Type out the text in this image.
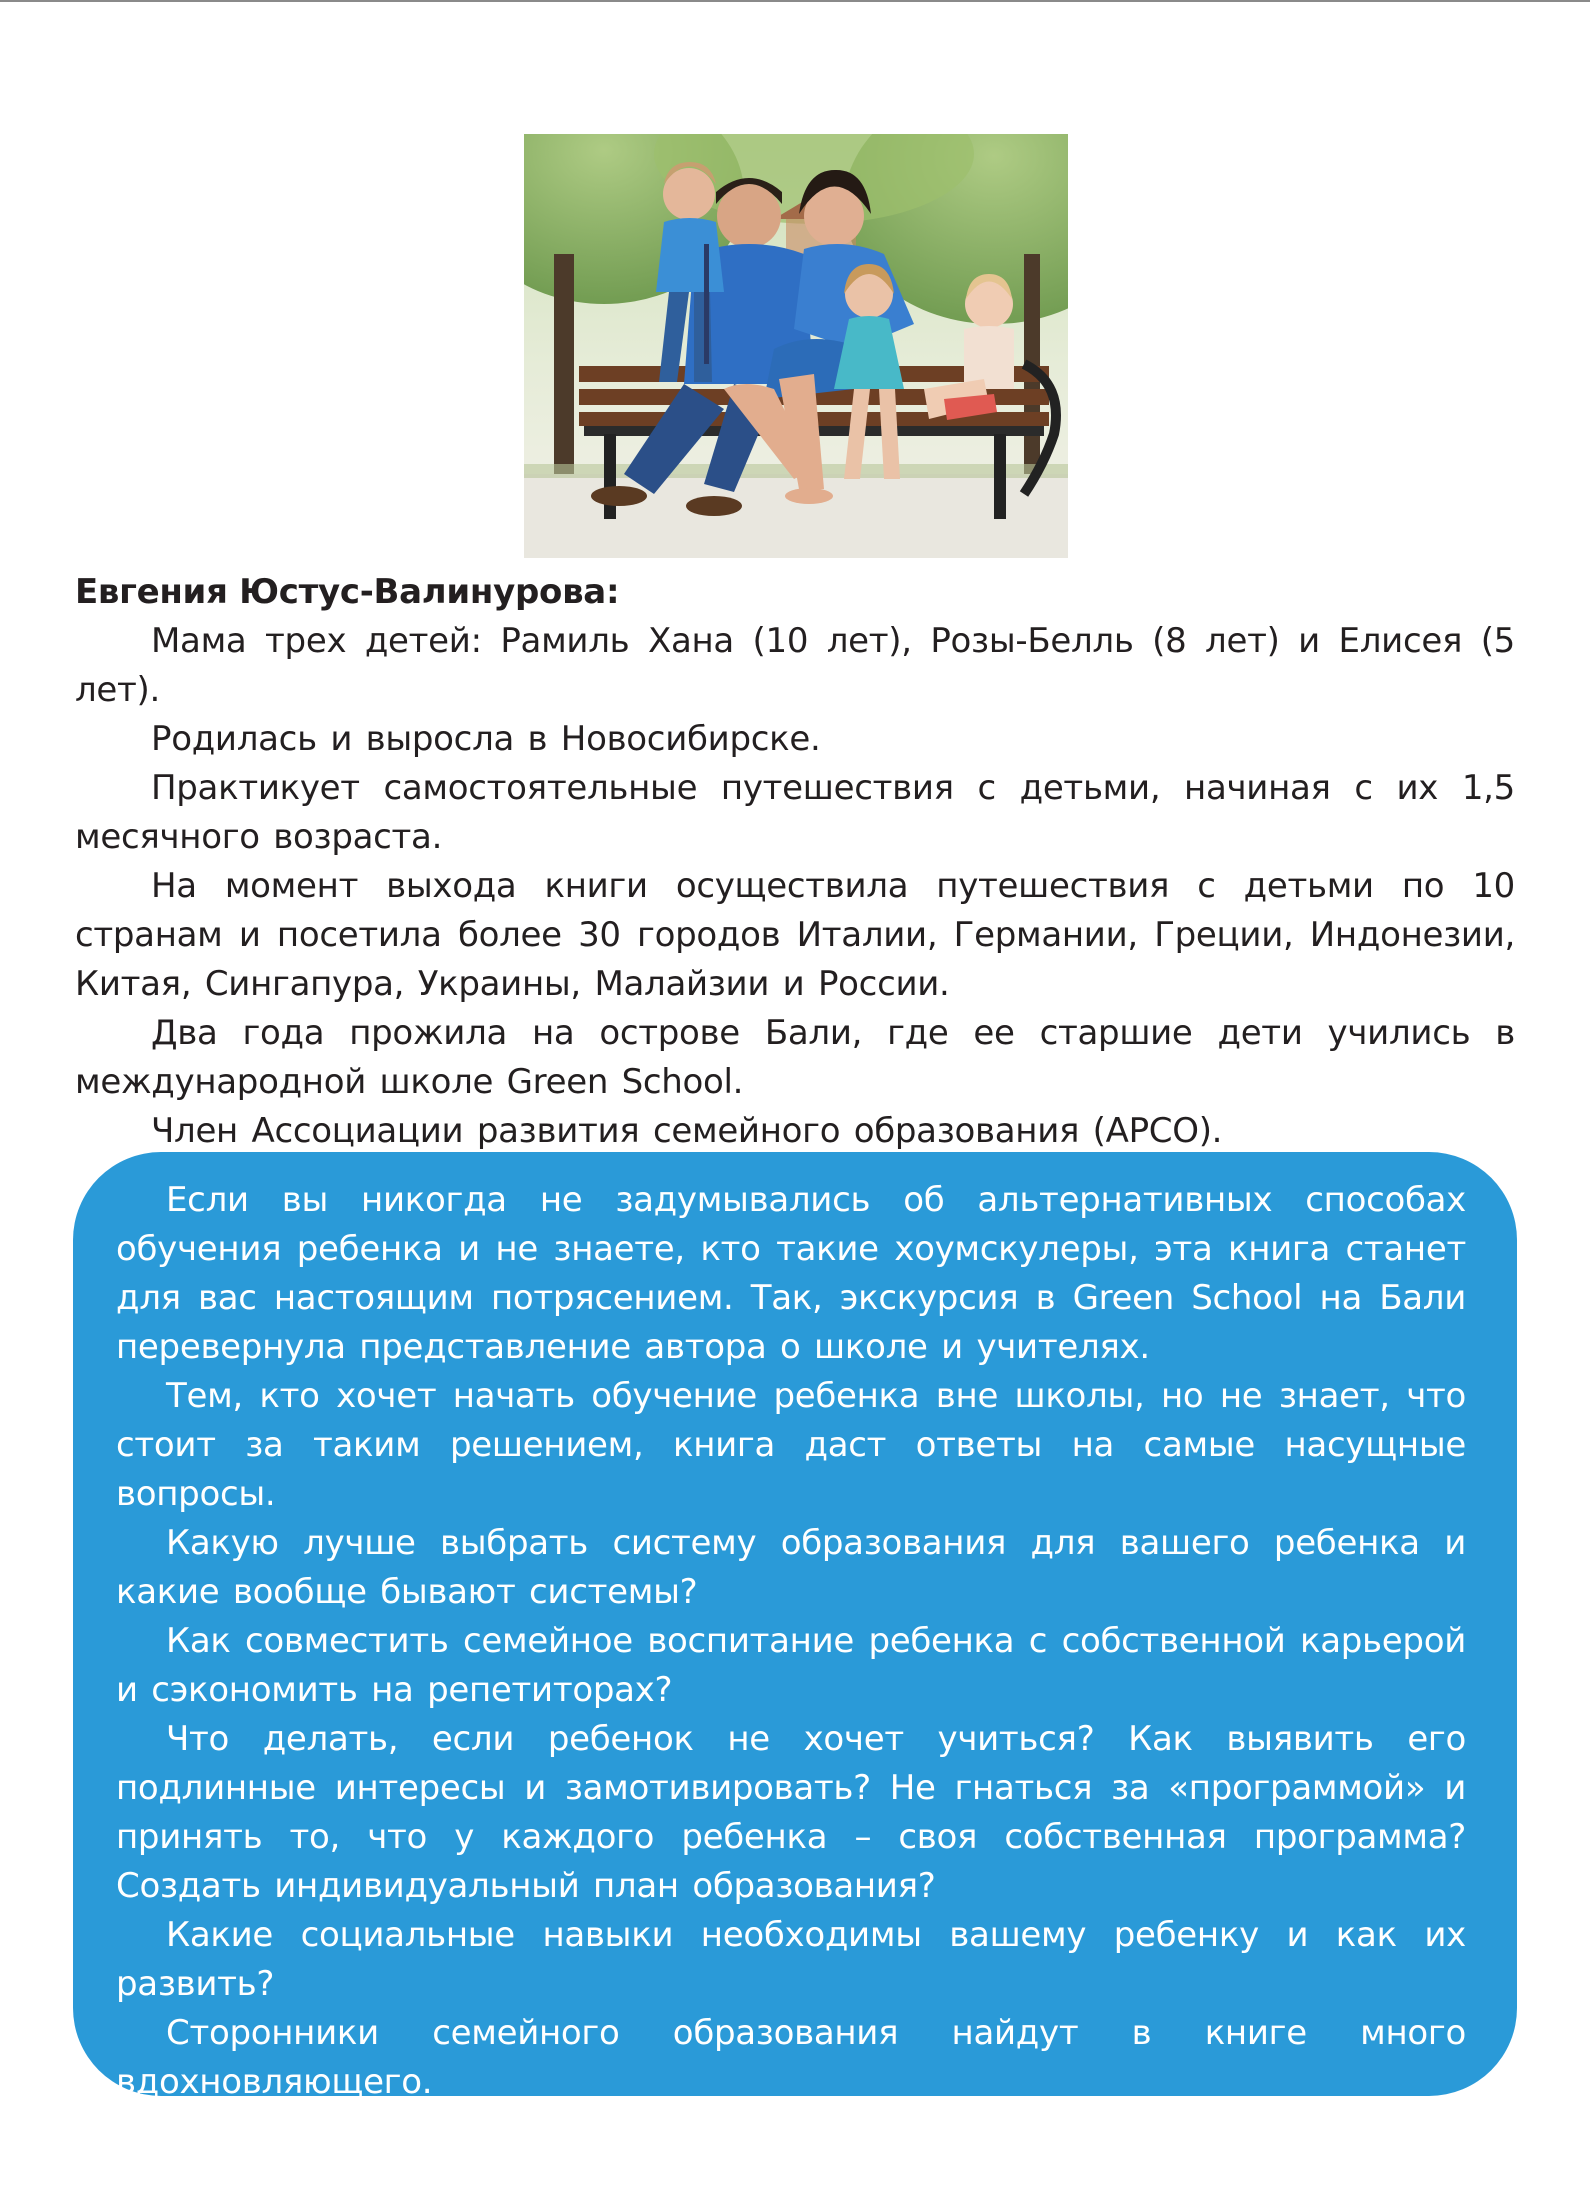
Евгения Юстус-Валинурова:

Мама трех детей: Рамиль Хана (10 лет), Розы-Белль (8 лет) и Елисея (5 лет).

Родилась и выросла в Новосибирске.

Практикует самостоятельные путешествия с детьми, начиная с их 1,5 месячного возраста.

На момент выхода книги осуществила путешествия с детьми по 10 странам и посетила более 30 городов Италии, Германии, Греции, Индонезии, Китая, Сингапура, Украины, Малайзии и России.

Два года прожила на острове Бали, где ее старшие дети учились в международной школе Green School.

Член Ассоциации развития семейного образования (АРСО).

Если вы никогда не задумывались об альтернативных способах обучения ребенка и не знаете, кто такие хоумскулеры, эта книга станет для вас настоящим потрясением. Так, экскурсия в Green School на Бали перевернула представление автора о школе и учителях.

Тем, кто хочет начать обучение ребенка вне школы, но не знает, что стоит за таким решением, книга даст ответы на самые насущные вопросы.

Какую лучше выбрать систему образования для вашего ребенка и какие вообще бывают системы?

Как совместить семейное воспитание ребенка с собственной карьерой и сэкономить на репетиторах?

Что делать, если ребенок не хочет учиться? Как выявить его подлинные интересы и замотивировать? Не гнаться за «программой» и принять то, что у каждого ребенка – своя собственная программа? Создать индивидуальный план образования?

Какие социальные навыки необходимы вашему ребенку и как их развить?

Сторонники семейного образования найдут в книге много вдохновляющего.

Она оснащена огромным перечнем полезных ссылок на развивающие ресурсы, фильмы, книги и многое другое.
